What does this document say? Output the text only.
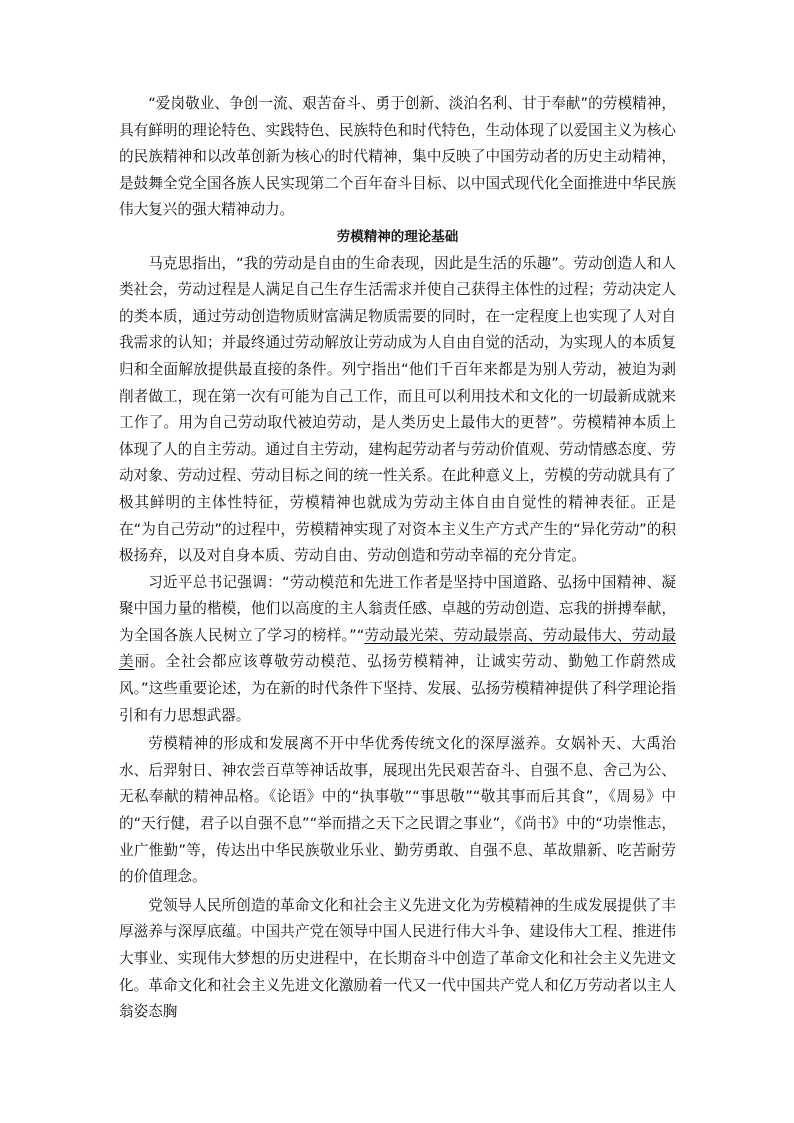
“爱岗敬业、争创一流、艰苦奋斗、勇于创新、淡泊名利、甘于奉献”的劳模精神，具有鲜明的理论特色、实践特色、民族特色和时代特色，生动体现了以爱国主义为核心的民族精神和以改革创新为核心的时代精神，集中反映了中国劳动者的历史主动精神，是鼓舞全党全国各族人民实现第二个百年奋斗目标、以中国式现代化全面推进中华民族伟大复兴的强大精神动力。

劳模精神的理论基础

马克思指出，“我的劳动是自由的生命表现，因此是生活的乐趣”。劳动创造人和人类社会，劳动过程是人满足自己生存生活需求并使自己获得主体性的过程；劳动决定人的类本质，通过劳动创造物质财富满足物质需要的同时，在一定程度上也实现了人对自我需求的认知；并最终通过劳动解放让劳动成为人自由自觉的活动，为实现人的本质复归和全面解放提供最直接的条件。列宁指出“他们千百年来都是为别人劳动，被迫为剥削者做工，现在第一次有可能为自己工作，而且可以利用技术和文化的一切最新成就来工作了。用为自己劳动取代被迫劳动，是人类历史上最伟大的更替”。劳模精神本质上体现了人的自主劳动。通过自主劳动，建构起劳动者与劳动价值观、劳动情感态度、劳动对象、劳动过程、劳动目标之间的统一性关系。在此种意义上，劳模的劳动就具有了极其鲜明的主体性特征，劳模精神也就成为劳动主体自由自觉性的精神表征。正是在“为自己劳动”的过程中，劳模精神实现了对资本主义生产方式产生的“异化劳动”的积极扬弃，以及对自身本质、劳动自由、劳动创造和劳动幸福的充分肯定。

习近平总书记强调：“劳动模范和先进工作者是坚持中国道路、弘扬中国精神、凝聚中国力量的楷模，他们以高度的主人翁责任感、卓越的劳动创造、忘我的拼搏奉献，为全国各族人民树立了学习的榜样。”“劳动最光荣、劳动最崇高、劳动最伟大、劳动最美丽。全社会都应该尊敬劳动模范、弘扬劳模精神，让诚实劳动、勤勉工作蔚然成风。”这些重要论述，为在新的时代条件下坚持、发展、弘扬劳模精神提供了科学理论指引和有力思想武器。

劳模精神的形成和发展离不开中华优秀传统文化的深厚滋养。女娲补天、大禹治水、后羿射日、神农尝百草等神话故事，展现出先民艰苦奋斗、自强不息、舍己为公、无私奉献的精神品格。《论语》中的“执事敬”“事思敬”“敬其事而后其食”，《周易》中的“天行健，君子以自强不息”“举而措之天下之民谓之事业”，《尚书》中的“功崇惟志，业广惟勤”等，传达出中华民族敬业乐业、勤劳勇敢、自强不息、革故鼎新、吃苦耐劳的价值理念。

党领导人民所创造的革命文化和社会主义先进文化为劳模精神的生成发展提供了丰厚滋养与深厚底蕴。中国共产党在领导中国人民进行伟大斗争、建设伟大工程、推进伟大事业、实现伟大梦想的历史进程中，在长期奋斗中创造了革命文化和社会主义先进文化。革命文化和社会主义先进文化激励着一代又一代中国共产党人和亿万劳动者以主人翁姿态胸
